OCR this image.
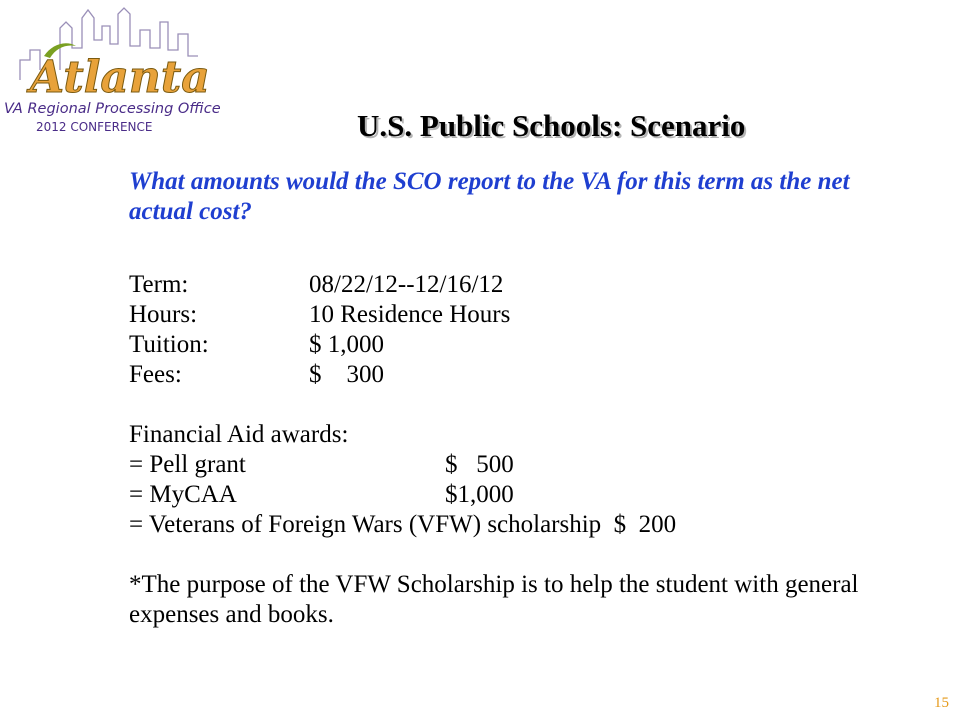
Atlanta
VA Regional Processing Office
2012 CONFERENCE	U.S. Public Schools: Scenario
What amounts would the SCO report to the VA for this term as the net actual cost?
Term:	08/22/12--12/16/12
Hours:	10 Residence Hours
Tuition:	$ 1,000
Fees:	$    300
Financial Aid awards:
= Pell grant	$   500
= MyCAA	$1,000
= Veterans of Foreign Wars (VFW) scholarship  $  200
*The purpose of the VFW Scholarship is to help the student with general expenses and books.
15
